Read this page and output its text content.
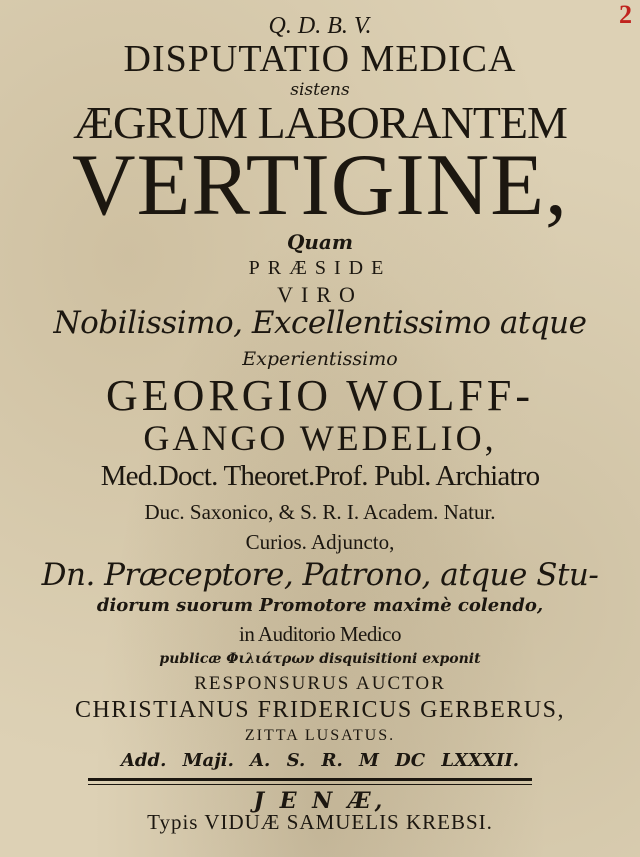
2
Q. D. B. V.
DISPUTATIO MEDICA
sistens
ÆGRUM LABORANTEM
VERTIGINE,
Quam
PRÆSIDE
VIRO
Nobilissimo, Excellentissimo atque
Experientissimo
GEORGIO WOLFF-
GANGO WEDELIO,
Med.Doct. Theoret.Prof. Publ. Archiatro
Duc. Saxonico, & S. R. I. Academ. Natur.
Curios. Adjuncto,
Dn. Præceptore, Patrono, atque Stu-
diorum suorum Promotore maximè colendo,
in Auditorio Medico
publicæ Φιλιάτρων disquisitioni exponit
RESPONSURUS AUCTOR
CHRISTIANUS FRIDERICUS GERBERUS,
ZITTA LUSATUS.
Add. Maji. A. S. R. M DC LXXXII.
J E N Æ,
Typis VIDUÆ SAMUELIS KREBSI.
